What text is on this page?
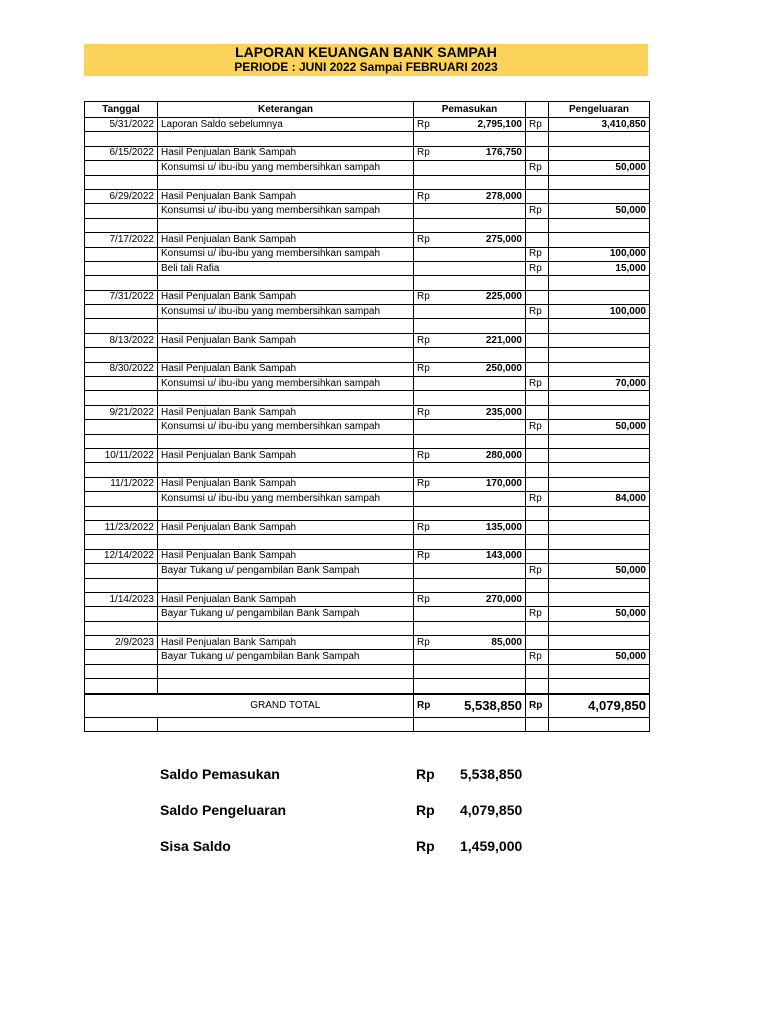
LAPORAN KEUANGAN BANK SAMPAH
PERIODE : JUNI 2022 Sampai FEBRUARI 2023
Tanggal	Keterangan	Pemasukan			Pengeluaran
5/31/2022	Laporan Saldo sebelumnya	Rp	2,795,100	Rp	3,410,850

6/15/2022	Hasil Penjualan Bank Sampah	Rp	176,750		
	Konsumsi u/ ibu-ibu yang membersihkan sampah			Rp	50,000

6/29/2022	Hasil Penjualan Bank Sampah	Rp	278,000		
	Konsumsi u/ ibu-ibu yang membersihkan sampah			Rp	50,000

7/17/2022	Hasil Penjualan Bank Sampah	Rp	275,000		
	Konsumsi u/ ibu-ibu yang membersihkan sampah			Rp	100,000
	Beli tali Rafia			Rp	15,000

7/31/2022	Hasil Penjualan Bank Sampah	Rp	225,000		
	Konsumsi u/ ibu-ibu yang membersihkan sampah			Rp	100,000

8/13/2022	Hasil Penjualan Bank Sampah	Rp	221,000		

8/30/2022	Hasil Penjualan Bank Sampah	Rp	250,000		
	Konsumsi u/ ibu-ibu yang membersihkan sampah			Rp	70,000

9/21/2022	Hasil Penjualan Bank Sampah	Rp	235,000		
	Konsumsi u/ ibu-ibu yang membersihkan sampah			Rp	50,000

10/11/2022	Hasil Penjualan Bank Sampah	Rp	280,000		

11/1/2022	Hasil Penjualan Bank Sampah	Rp	170,000		
	Konsumsi u/ ibu-ibu yang membersihkan sampah			Rp	84,000

11/23/2022	Hasil Penjualan Bank Sampah	Rp	135,000		

12/14/2022	Hasil Penjualan Bank Sampah	Rp	143,000		
	Bayar Tukang u/ pengambilan Bank Sampah			Rp	50,000

1/14/2023	Hasil Penjualan Bank Sampah	Rp	270,000		
	Bayar Tukang u/ pengambilan Bank Sampah			Rp	50,000

2/9/2023	Hasil Penjualan Bank Sampah	Rp	85,000		
	Bayar Tukang u/ pengambilan Bank Sampah			Rp	50,000

	GRAND TOTAL	Rp	5,538,850	Rp	4,079,850

Saldo Pemasukan	Rp 5,538,850
Saldo Pengeluaran	Rp 4,079,850
Sisa Saldo	Rp 1,459,000
